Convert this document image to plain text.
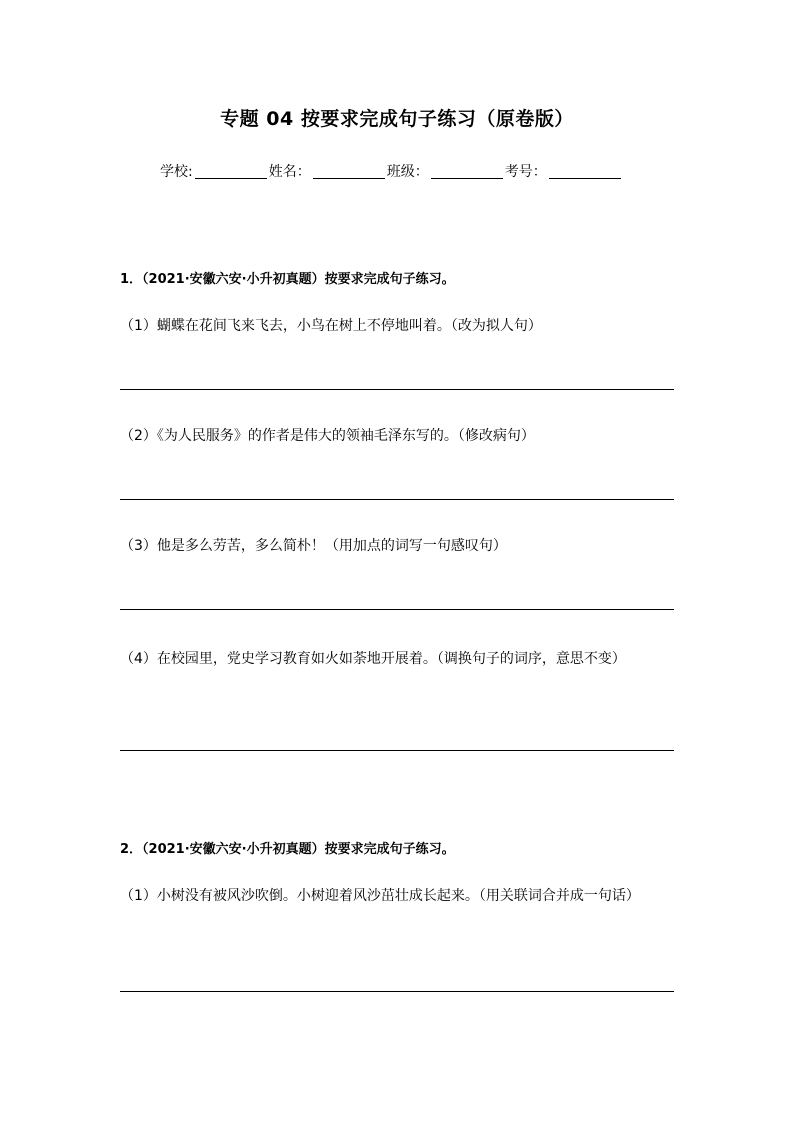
专题 04 按要求完成句子练习（原卷版）
学校:	姓名：	班级：	考号：
1．（2021·安徽六安·小升初真题）按要求完成句子练习。
（1）蝴蝶在花间飞来飞去，小鸟在树上不停地叫着。（改为拟人句）
（2）《为人民服务》的作者是伟大的领袖毛泽东写的。（修改病句）
（3）他是多么劳苦，多么简朴！（用加点的词写一句感叹句）
（4）在校园里，党史学习教育如火如荼地开展着。（调换句子的词序，意思不变）
2．（2021·安徽六安·小升初真题）按要求完成句子练习。
（1）小树没有被风沙吹倒。小树迎着风沙茁壮成长起来。（用关联词合并成一句话）
